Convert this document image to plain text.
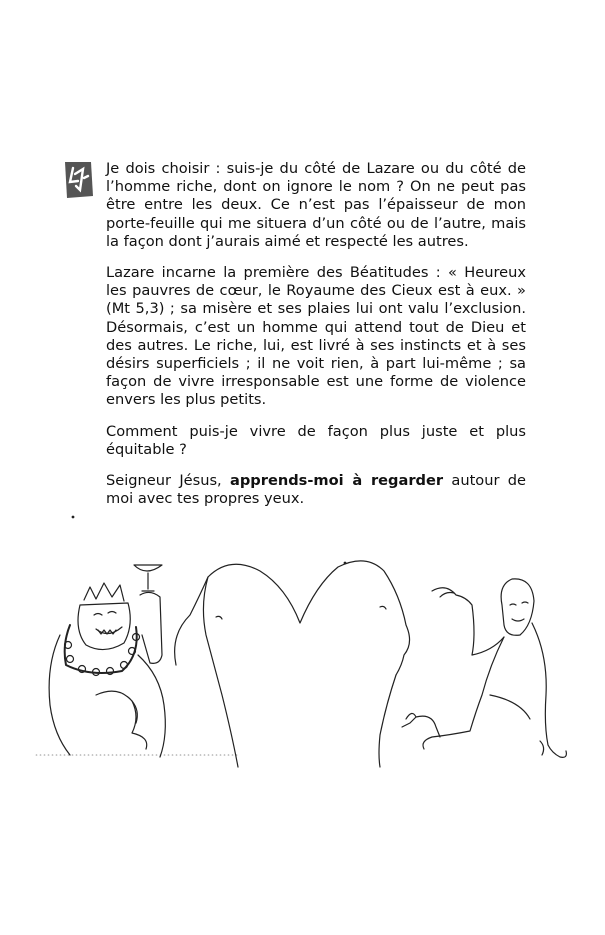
Je dois choisir : suis-je du côté de Lazare ou du côté de l’homme riche, dont on ignore le nom ? On ne peut pas être entre les deux. Ce n’est pas l’épaisseur de mon porte-feuille qui me situera d’un côté ou de l’autre, mais la façon dont j’aurais aimé et respecté les autres.

Lazare incarne la première des Béatitudes : « Heureux les pauvres de cœur, le Royaume des Cieux est à eux. » (Mt 5,3) ; sa misère et ses plaies lui ont valu l’exclusion. Désormais, c’est un homme qui attend tout de Dieu et des autres. Le riche, lui, est livré à ses instincts et à ses désirs superficiels ; il ne voit rien, à part lui-même ; sa façon de vivre irresponsable est une forme de violence envers les plus petits.

Comment puis-je vivre de façon plus juste et plus équitable ?

Seigneur Jésus, apprends-moi à regarder autour de moi avec tes propres yeux.
